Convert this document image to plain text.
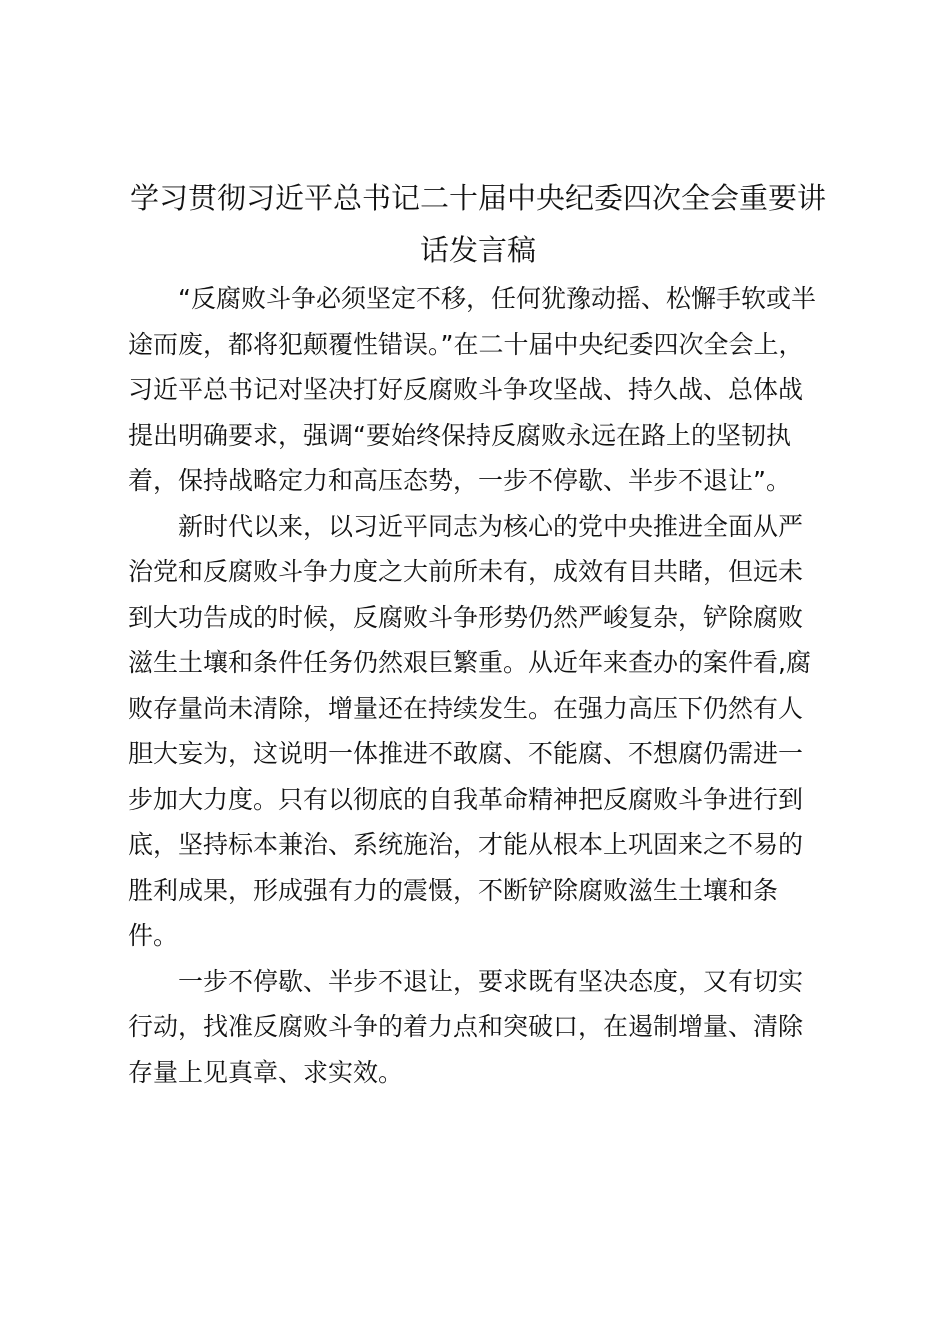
学习贯彻习近平总书记二十届中央纪委四次全会重要讲
话发言稿

“反腐败斗争必须坚定不移，任何犹豫动摇、松懈手软或半
途而废，都将犯颠覆性错误。”在二十届中央纪委四次全会上，
习近平总书记对坚决打好反腐败斗争攻坚战、持久战、总体战
提出明确要求，强调“要始终保持反腐败永远在路上的坚韧执
着，保持战略定力和高压态势，一步不停歇、半步不退让”。

新时代以来，以习近平同志为核心的党中央推进全面从严
治党和反腐败斗争力度之大前所未有，成效有目共睹，但远未
到大功告成的时候，反腐败斗争形势仍然严峻复杂，铲除腐败
滋生土壤和条件任务仍然艰巨繁重。从近年来查办的案件看,腐
败存量尚未清除，增量还在持续发生。在强力高压下仍然有人
胆大妄为，这说明一体推进不敢腐、不能腐、不想腐仍需进一
步加大力度。只有以彻底的自我革命精神把反腐败斗争进行到
底，坚持标本兼治、系统施治，才能从根本上巩固来之不易的
胜利成果，形成强有力的震慑，不断铲除腐败滋生土壤和条
件。

一步不停歇、半步不退让，要求既有坚决态度，又有切实
行动，找准反腐败斗争的着力点和突破口，在遏制增量、清除
存量上见真章、求实效。
